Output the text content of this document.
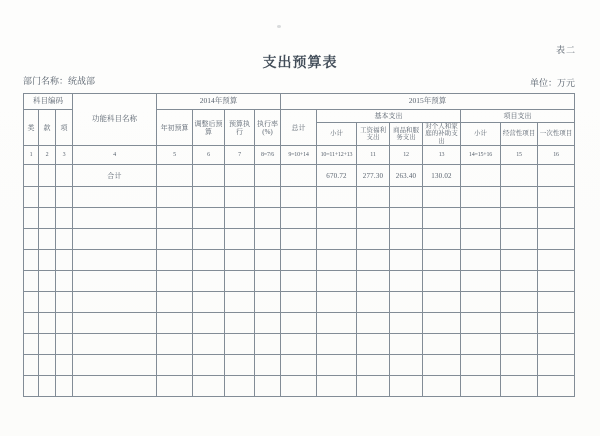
表二
支出预算表
部门名称：统战部	单位：万元
科目编码			功能科目名称	2014年预算				2015年预算							
类	款	项		年初预算	调整后预算	预算执行	执行率(%)	总计	基本支出				项目支出		
									小计	工资福利支出	商品和服务支出	对个人和家庭的补助支出	小计	经营性项目	一次性项目
1	2	3	4	5	6	7	8=7/6	9=10+14	10=11+12+13	11	12	13	14=15+16	15	16
			合计						670.72	277.30	263.40	130.02			
